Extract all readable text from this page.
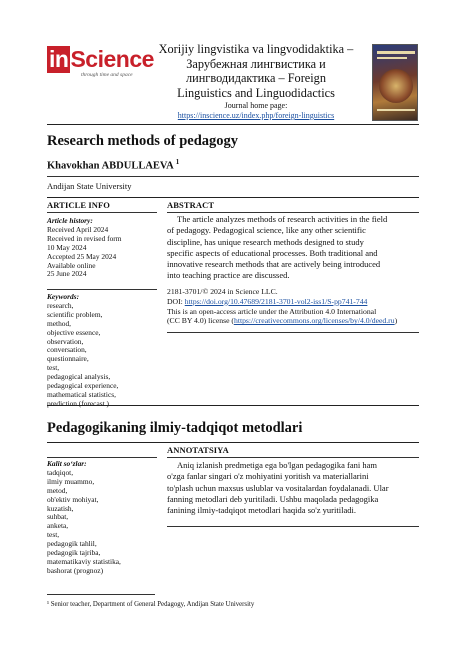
inScience
through time and space
Xorijiy lingvistika va lingvodidaktika –
Зарубежная лингвистика и
лингводидактика – Foreign
Linguistics and Linguodidactics
Journal home page:
https://inscience.uz/index.php/foreign-linguistics
Research methods of pedagogy
Khavokhan ABDULLAEVA $^1$
Andijan State University
ARTICLE INFO	ABSTRACT
Article history:
Received April 2024
Received in revised form
10 May 2024
Accepted 25 May 2024
Available online
25 June 2024
Keywords:
research,
scientific problem,
method,
objective essence,
observation,
conversation,
questionnaire,
test,
pedagogical analysis,
pedagogical experience,
mathematical statistics,
prediction (forecast )
The article analyzes methods of research activities in the field
of pedagogy. Pedagogical science, like any other scientific
discipline, has unique research methods designed to study
specific aspects of educational processes. Both traditional and
innovative research methods that are actively being introduced
into teaching practice are discussed.
2181-3701/© 2024 in Science LLC.
DOI: https://doi.org/10.47689/2181-3701-vol2-iss1/S-pp741-744
This is an open-access article under the Attribution 4.0 International
(CC BY 4.0) license (https://creativecommons.org/licenses/by/4.0/deed.ru)
Pedagogikaning ilmiy-tadqiqot metodlari
ANNOTATSIYA
Kalit so‘zlar:
tadqiqot,
ilmiy muammo,
metod,
ob'ektiv mohiyat,
kuzatish,
suhbat,
anketa,
test,
pedagogik tahlil,
pedagogik tajriba,
matematikaviy statistika,
bashorat (prognoz)
Aniq izlanish predmetiga ega bo'lgan pedagogika fani ham
o'zga fanlar singari o'z mohiyatini yoritish va materiallarini
to'plash uchun maxsus uslublar va vositalardan foydalanadi. Ular
fanning metodlari deb yuritiladi. Ushbu maqolada pedagogika
fanining ilmiy-tadqiqot metodlari haqida so'z yuritiladi.
¹ Senior teacher, Department of General Pedagogy, Andijan State University
